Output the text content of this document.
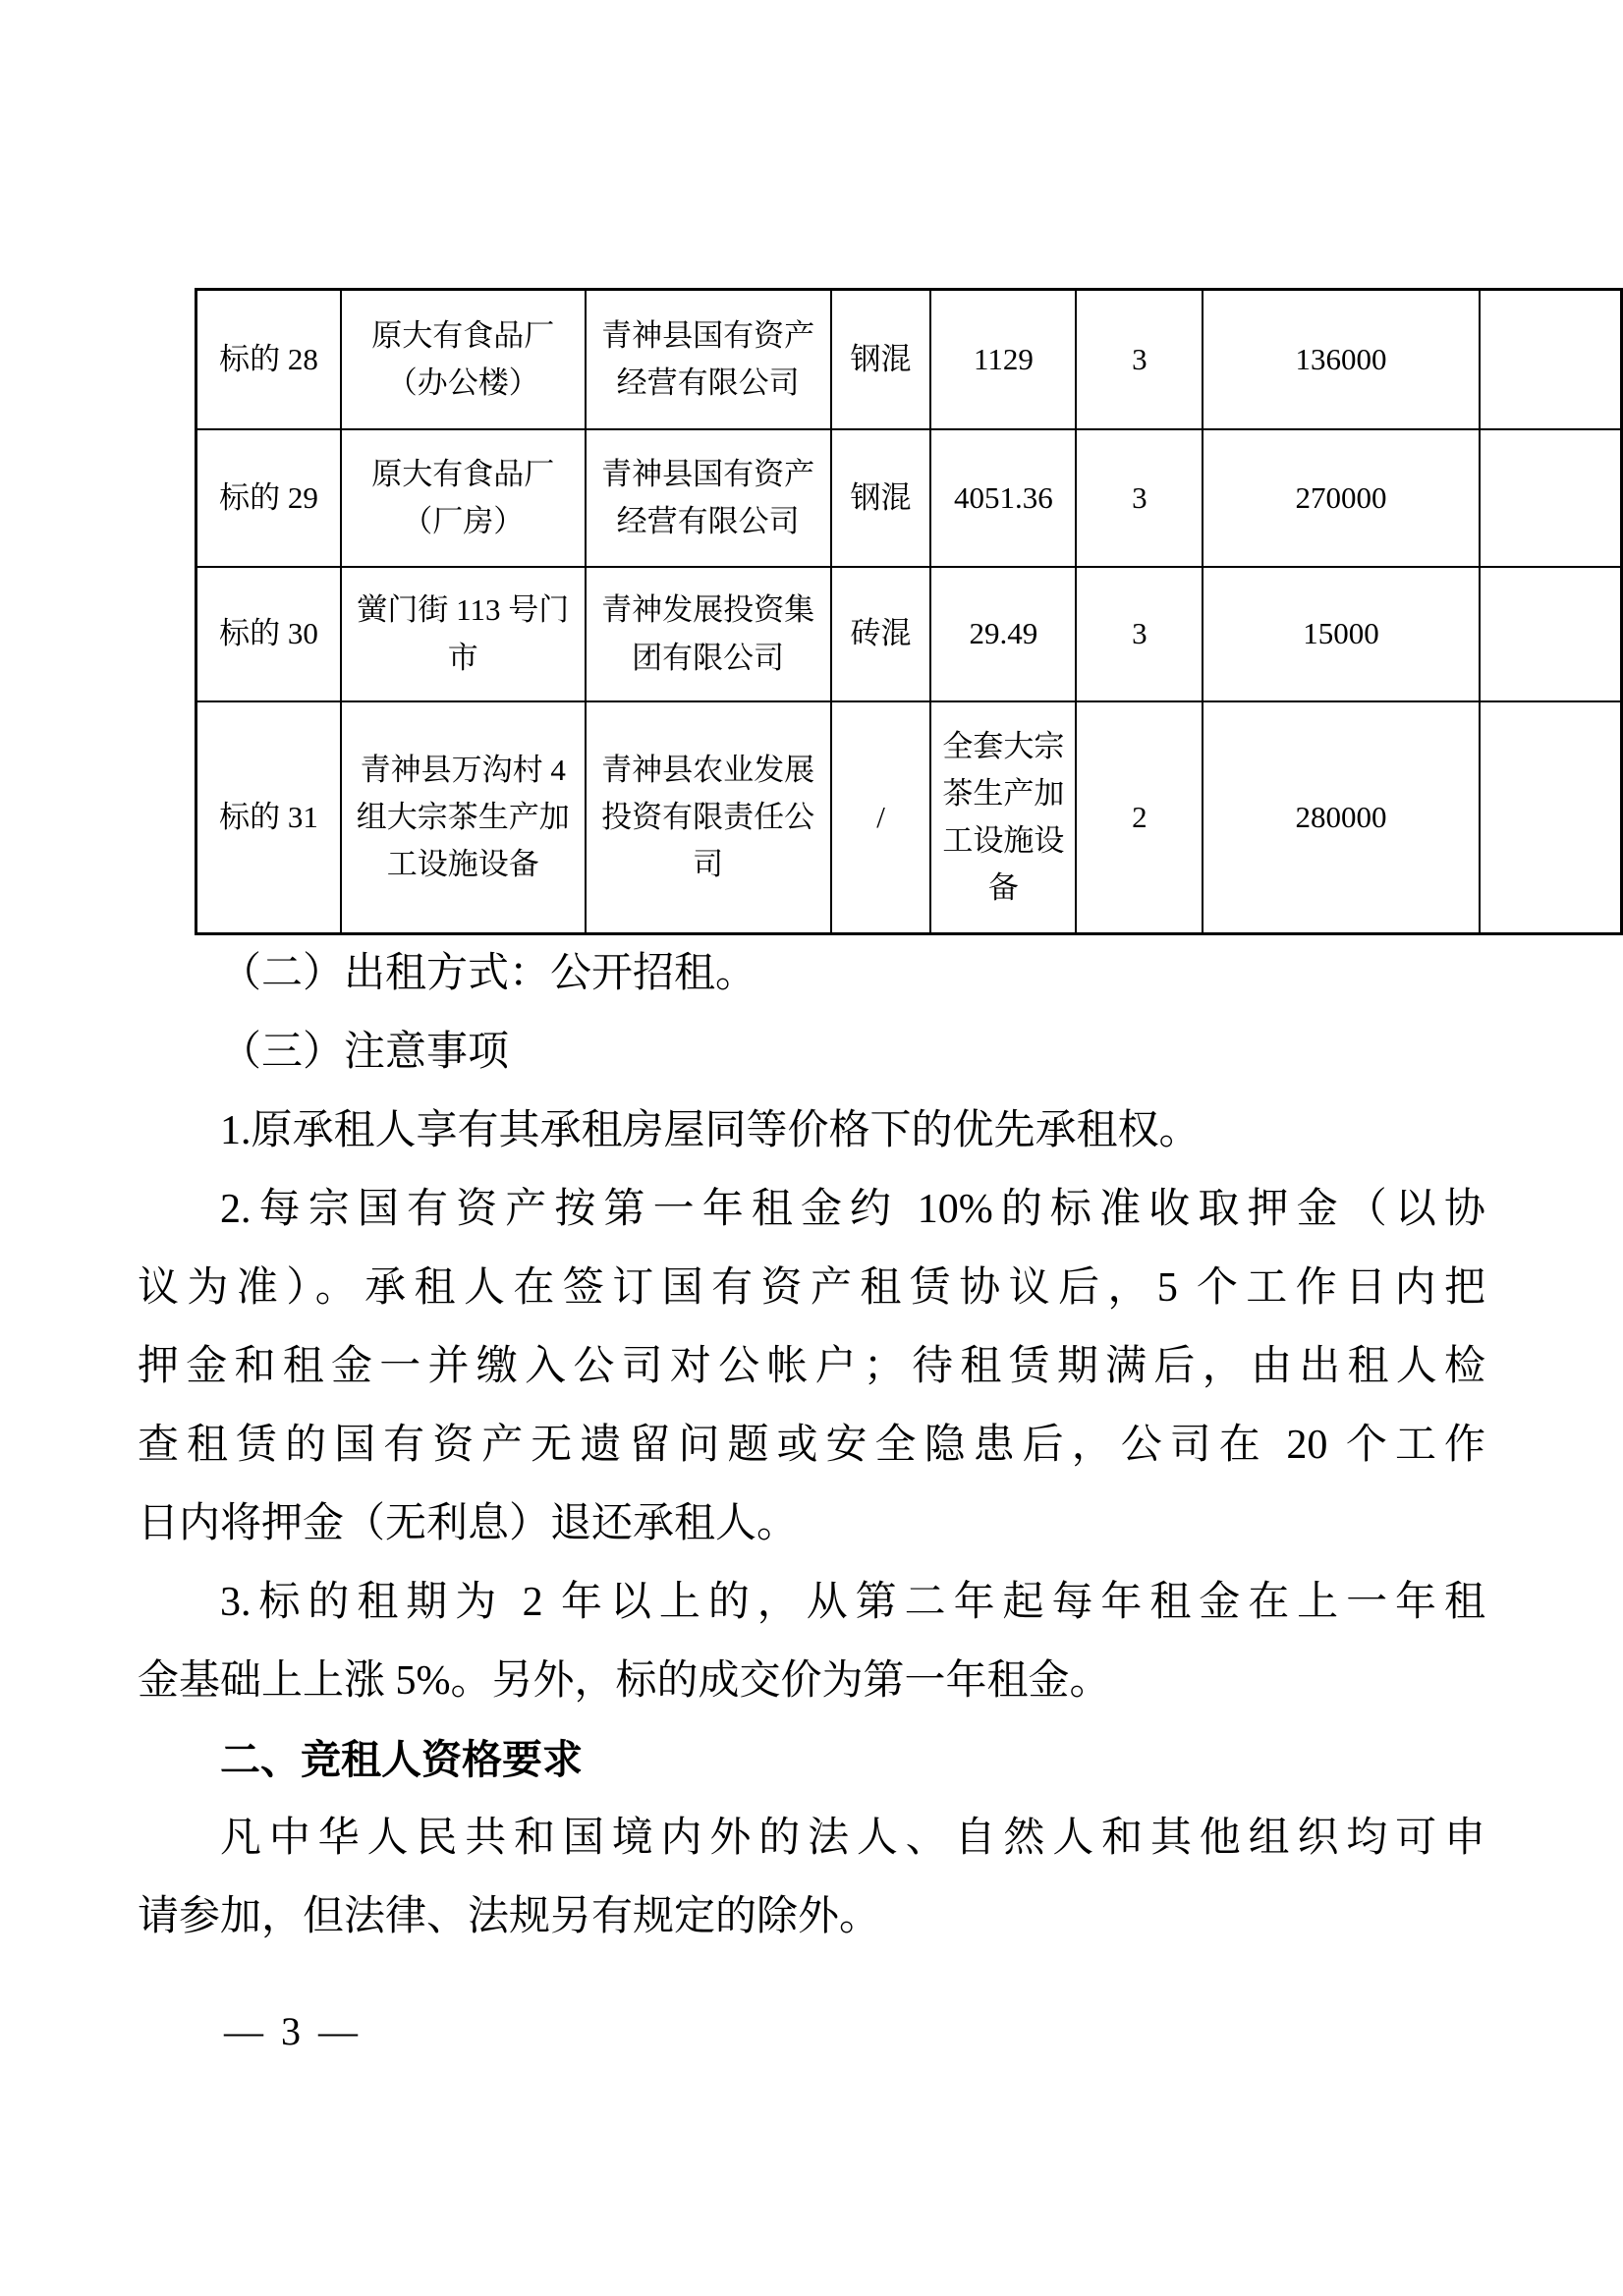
标的 28	原大有食品厂（办公楼）	青神县国有资产经营有限公司	钢混	1129	3	136000	
标的 29	原大有食品厂（厂房）	青神县国有资产经营有限公司	钢混	4051.36	3	270000	
标的 30	黉门街 113 号门市	青神发展投资集团有限公司	砖混	29.49	3	15000	
标的 31	青神县万沟村 4 组大宗茶生产加工设施设备	青神县农业发展投资有限责任公司	/	全套大宗茶生产加工设施设备	2	280000	
（二）出租方式：公开招租。
（三）注意事项
1.原承租人享有其承租房屋同等价格下的优先承租权。
2.每宗国有资产按第一年租金约 10%的标准收取押金（以协
议为准）。承租人在签订国有资产租赁协议后，5 个工作日内把
押金和租金一并缴入公司对公帐户；待租赁期满后，由出租人检
查租赁的国有资产无遗留问题或安全隐患后，公司在 20 个工作
日内将押金（无利息）退还承租人。
3.标的租期为 2 年以上的，从第二年起每年租金在上一年租
金基础上上涨 5%。另外，标的成交价为第一年租金。
二、竞租人资格要求
凡中华人民共和国境内外的法人、自然人和其他组织均可申
请参加，但法律、法规另有规定的除外。
— 3 —
